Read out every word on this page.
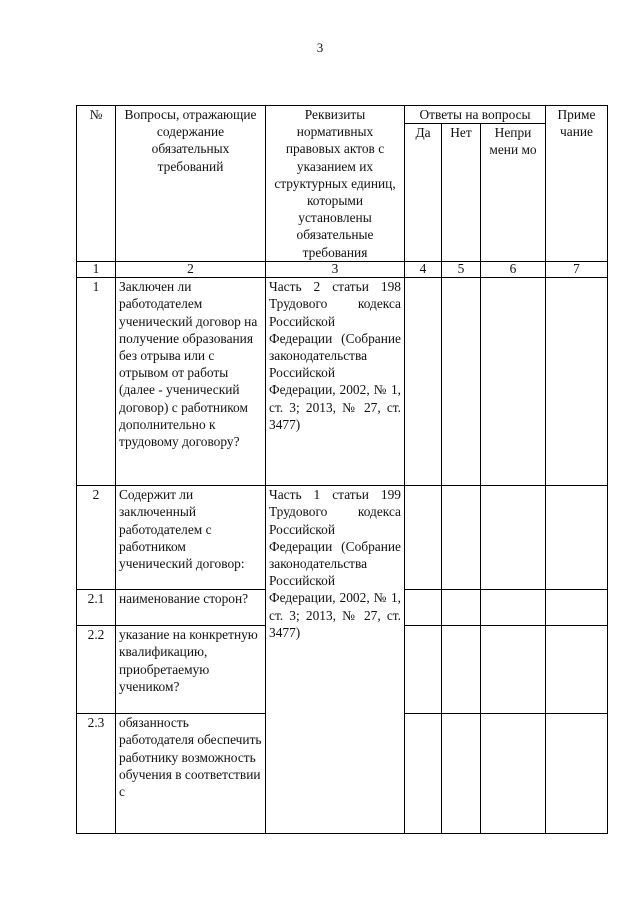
3
№	Вопросы, отражающие содержание обязательных требований	Реквизиты нормативных правовых актов с указанием их структурных единиц, которыми установлены обязательные требования	Ответы на вопросы			Приме чание
			Да	Нет	Непри мени мо	
1	2	3	4	5	6	7
1	Заключен ли работодателем ученический договор на получение образования без отрыва или с отрывом от работы (далее - ученический договор) с работником дополнительно к трудовому договору?	Часть 2 статьи 198 Трудового кодекса Российской Федерации (Собрание законодательства Российской Федерации, 2002, № 1, ст. 3; 2013, № 27, ст. 3477)				
2	Содержит ли заключенный работодателем с работником ученический договор:	Часть 1 статьи 199 Трудового кодекса Российской Федерации (Собрание законодательства Российской Федерации, 2002, № 1, ст. 3; 2013, № 27, ст. 3477)				
2.1	наименование сторон?					
2.2	указание на конкретную квалификацию, приобретаемую учеником?					
2.3	обязанность работодателя обеспечить работнику возможность обучения в соответствии с					
